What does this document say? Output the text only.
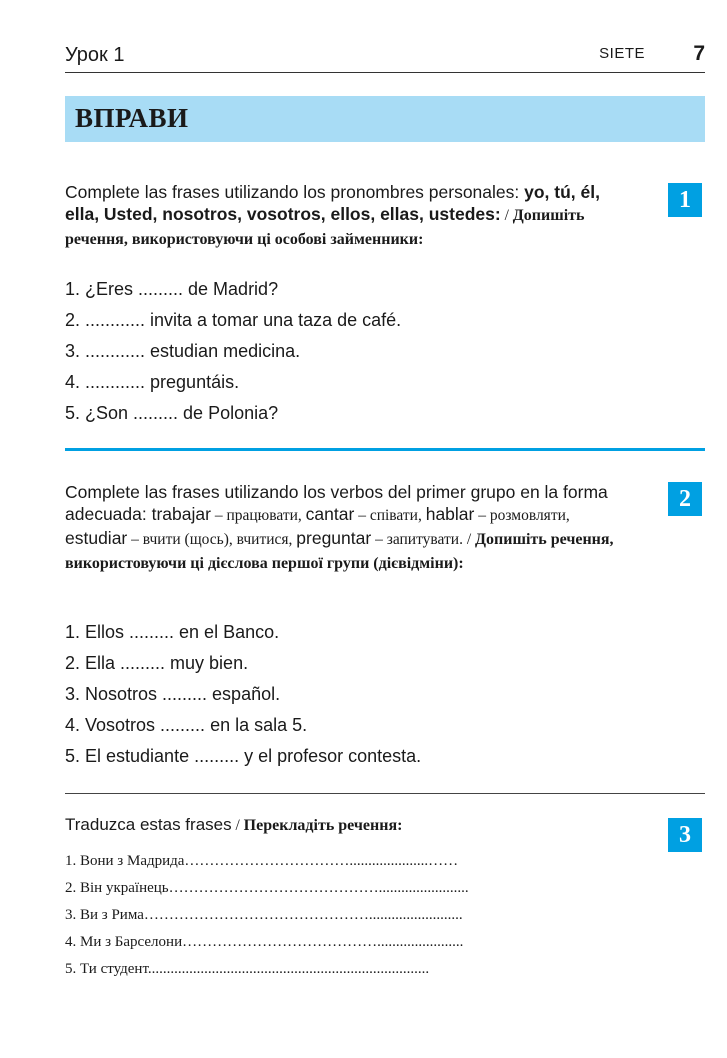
Урок 1	SIETE 7
ВПРАВИ
1
Complete las frases utilizando los pronombres personales: yo, tú, él, ella, Usted, nosotros, vosotros, ellos, ellas, ustedes: / Допишіть речення, використовуючи ці особові займенники:
1. ¿Eres ......... de Madrid?
2. ............ invita a tomar una taza de café.
3. ............ estudian medicina.
4. ............ preguntáis.
5. ¿Son ......... de Polonia?
2
Complete las frases utilizando los verbos del primer grupo en la forma adecuada: trabajar – працювати, cantar – співати, hablar – розмовляти, estudiar – вчити (щось), вчитися, preguntar – запитувати. / Допишіть речення, використовуючи ці дієслова першої групи (дієвідміни):
1. Ellos ......... en el Banco.
2. Ella ......... muy bien.
3. Nosotros ......... español.
4. Vosotros ......... en la sala 5.
5. El estudiante ......... y el profesor contesta.
3
Traduzca estas frases / Перекладіть речення:
1. Вони з Мадрида…………………………….....................……
2. Він українець……………………………………........................
3. Ви з Рима……………………………………….........................
4. Ми з Барселони………………………………….......................
5. Ти студент...........................................................................
